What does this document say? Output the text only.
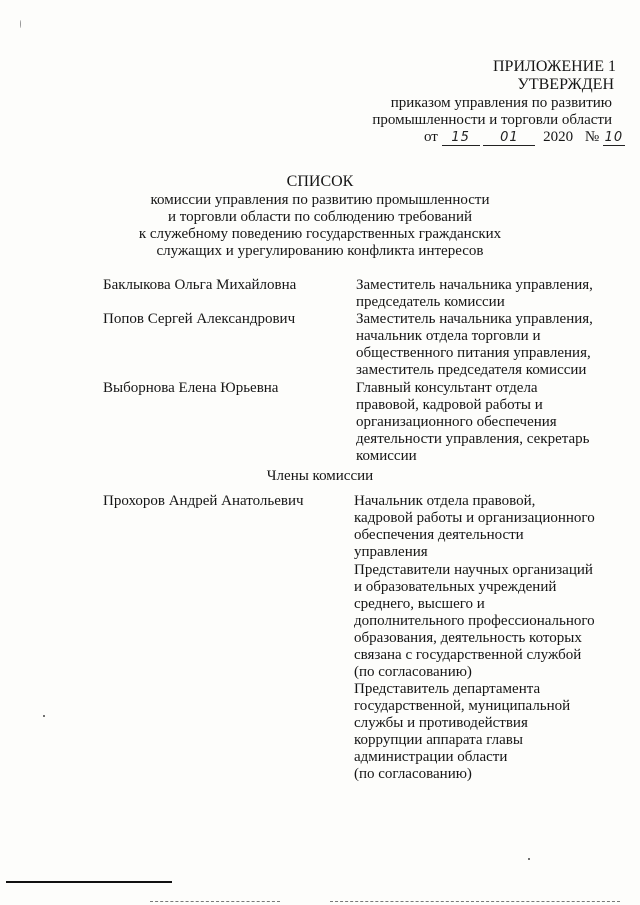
ПРИЛОЖЕНИЕ 1
УТВЕРЖДЕН
приказом управления по развитию
промышленности и торговли области
от 15 01 2020 № 10
СПИСОК
комиссии управления по развитию промышленности
и торговли области по соблюдению требований
к служебному поведению государственных гражданских
служащих и урегулированию конфликта интересов
Баклыкова Ольга Михайловна	Заместитель начальника управления,
председатель комиссии
Попов Сергей Александрович	Заместитель начальника управления,
начальник отдела торговли и
общественного питания управления,
заместитель председателя комиссии
Выборнова Елена Юрьевна	Главный консультант отдела
правовой, кадровой работы и
организационного обеспечения
деятельности управления, секретарь
комиссии
Члены комиссии
Прохоров Андрей Анатольевич	Начальник отдела правовой,
кадровой работы и организационного
обеспечения деятельности
управления
Представители научных организаций
и образовательных учреждений
среднего, высшего и
дополнительного профессионального
образования, деятельность которых
связана с государственной службой
(по согласованию)
Представитель департамента
государственной, муниципальной
службы и противодействия
коррупции аппарата главы
администрации области
(по согласованию)
